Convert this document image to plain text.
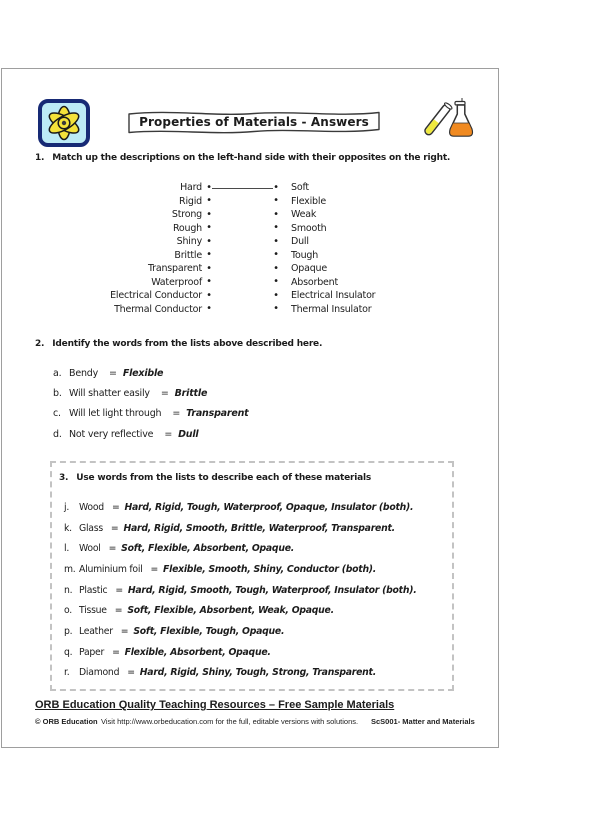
Properties of Materials - Answers
1. Match up the descriptions on the left-hand side with their opposites on the right.
Hard •	•	Soft
Rigid •	•	Flexible
Strong •	•	Weak
Rough •	•	Smooth
Shiny •	•	Dull
Brittle •	•	Tough
Transparent •	•	Opaque
Waterproof •	•	Absorbent
Electrical Conductor •	•	Electrical Insulator
Thermal Conductor •	•	Thermal Insulator
2. Identify the words from the lists above described here.
a. Bendy = Flexible
b. Will shatter easily = Brittle
c. Will let light through = Transparent
d. Not very reflective = Dull
3. Use words from the lists to describe each of these materials
j.	Wood = Hard, Rigid, Tough, Waterproof, Opaque, Insulator (both).
k. Glass = Hard, Rigid, Smooth, Brittle, Waterproof, Transparent.
l.	Wool = Soft, Flexible, Absorbent, Opaque.
m. Aluminium foil = Flexible, Smooth, Shiny, Conductor (both).
n. Plastic = Hard, Rigid, Smooth, Tough, Waterproof, Insulator (both).
o. Tissue = Soft, Flexible, Absorbent, Weak, Opaque.
p. Leather = Soft, Flexible, Tough, Opaque.
q. Paper = Flexible, Absorbent, Opaque.
r.	Diamond = Hard, Rigid, Shiny, Tough, Strong, Transparent.
ORB Education Quality Teaching Resources – Free Sample Materials
© ORB Education Visit http://www.orbeducation.com for the full, editable versions with solutions. ScS001- Matter and Materials
